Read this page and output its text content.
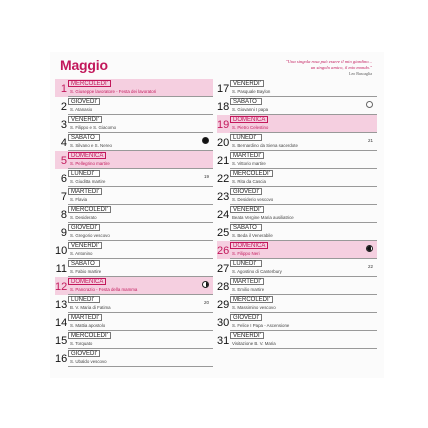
Maggio	"Una singola rosa può essere il mio giardino...
un singolo amico, il mio mondo."
Leo Buscaglia
1 MERCOLEDI'
S. Giuseppe lavoratore - Festa dei lavoratori
2 GIOVEDI'
S. Atanasio
3 VENERDI'
S. Filippo e S. Giacomo
4 SABATO
S. Silvano e S. Nereo
5 DOMENICA
S. Pellegrino martire
6 LUNEDI'
S. Giuditta martire
19
7 MARTEDI'
S. Flavia
8 MERCOLEDI'
S. Desiderato
9 GIOVEDI'
S. Gregorio vescovo
10 VENERDI'
S. Antonino
11 SABATO
S. Fabio martire
12 DOMENICA
S. Pancrazio - Festa della mamma
13 LUNEDI'
B. V. Maria di Fatima
20
14 MARTEDI'
S. Mattia apostolo
15 MERCOLEDI'
S. Torquato
16 GIOVEDI'
S. Ubaldo vescovo
17 VENERDI'
S. Pasquale Baylon
18 SABATO
S. Giovanni I papa
19 DOMENICA
S. Pietro Celestino
20 LUNEDI'
S. Bernardino da Siena sacerdote
21
21 MARTEDI'
S. Vittorio martire
22 MERCOLEDI'
S. Rita da Cascia
23 GIOVEDI'
S. Desiderio vescovo
24 VENERDI'
Beata Vergine Maria ausiliatrice
25 SABATO
S. Beda il Venerabile
26 DOMENICA
S. Filippo Neri
27 LUNEDI'
S. Agostino di Canterbury
22
28 MARTEDI'
S. Emilio martire
29 MERCOLEDI'
S. Massimino vescovo
30 GIOVEDI'
S. Felice I Papa - Ascensione
31 VENERDI'
Visitazione B. V. Maria
